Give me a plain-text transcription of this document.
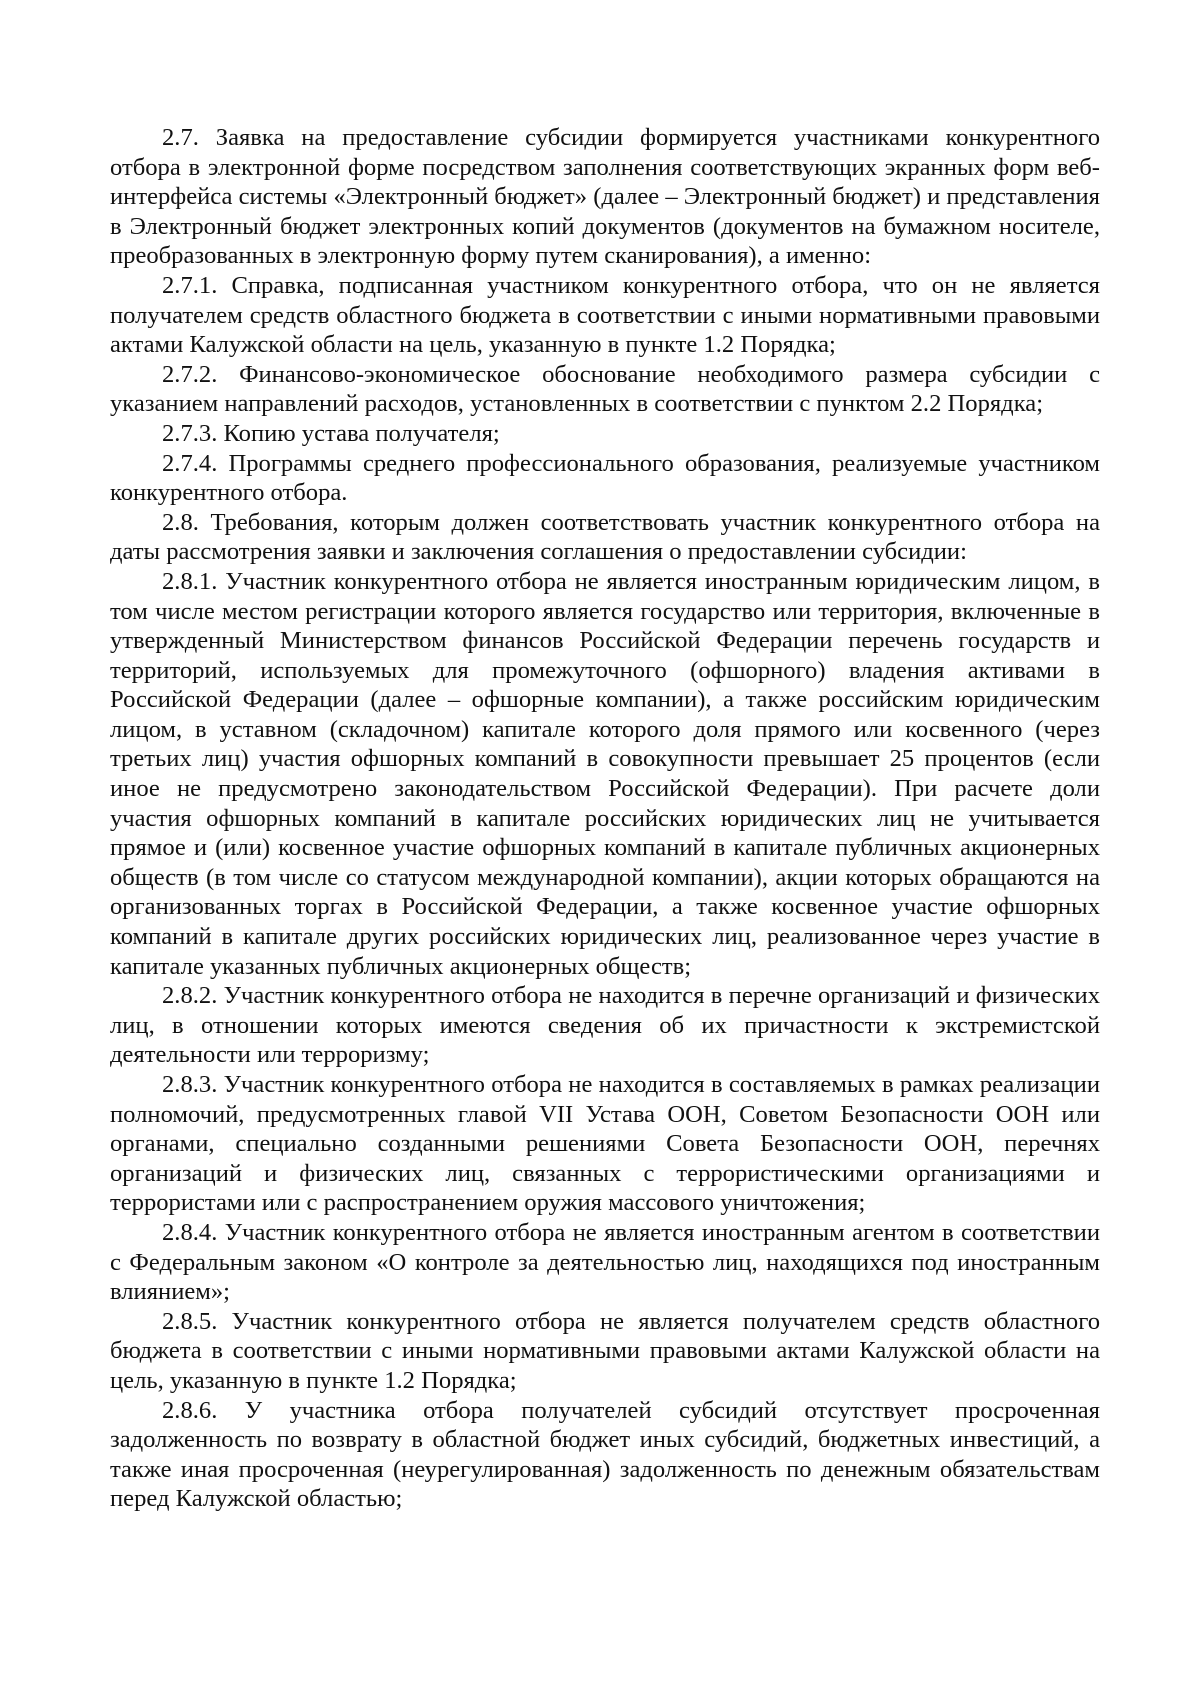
2.7. Заявка на предоставление субсидии формируется участниками конкурентного отбора в электронной форме посредством заполнения соответствующих экранных форм веб-интерфейса системы «Электронный бюджет» (далее – Электронный бюджет) и представления в Электронный бюджет электронных копий документов (документов на бумажном носителе, преобразованных в электронную форму путем сканирования), а именно:

2.7.1. Справка, подписанная участником конкурентного отбора, что он не является получателем средств областного бюджета в соответствии с иными нормативными правовыми актами Калужской области на цель, указанную в пункте 1.2 Порядка;

2.7.2. Финансово-экономическое обоснование необходимого размера субсидии с указанием направлений расходов, установленных в соответствии с пунктом 2.2 Порядка;

2.7.3. Копию устава получателя;

2.7.4. Программы среднего профессионального образования, реализуемые участником конкурентного отбора.

2.8. Требования, которым должен соответствовать участник конкурентного отбора на даты рассмотрения заявки и заключения соглашения о предоставлении субсидии:

2.8.1. Участник конкурентного отбора не является иностранным юридическим лицом, в том числе местом регистрации которого является государство или территория, включенные в утвержденный Министерством финансов Российской Федерации перечень государств и территорий, используемых для промежуточного (офшорного) владения активами в Российской Федерации (далее – офшорные компании), а также российским юридическим лицом, в уставном (складочном) капитале которого доля прямого или косвенного (через третьих лиц) участия офшорных компаний в совокупности превышает 25 процентов (если иное не предусмотрено законодательством Российской Федерации). При расчете доли участия офшорных компаний в капитале российских юридических лиц не учитывается прямое и (или) косвенное участие офшорных компаний в капитале публичных акционерных обществ (в том числе со статусом международной компании), акции которых обращаются на организованных торгах в Российской Федерации, а также косвенное участие офшорных компаний в капитале других российских юридических лиц, реализованное через участие в капитале указанных публичных акционерных обществ;

2.8.2. Участник конкурентного отбора не находится в перечне организаций и физических лиц, в отношении которых имеются сведения об их причастности к экстремистской деятельности или терроризму;

2.8.3. Участник конкурентного отбора не находится в составляемых в рамках реализации полномочий, предусмотренных главой VII Устава ООН, Советом Безопасности ООН или органами, специально созданными решениями Совета Безопасности ООН, перечнях организаций и физических лиц, связанных с террористическими организациями и террористами или с распространением оружия массового уничтожения;

2.8.4. Участник конкурентного отбора не является иностранным агентом в соответствии с Федеральным законом «О контроле за деятельностью лиц, находящихся под иностранным влиянием»;

2.8.5. Участник конкурентного отбора не является получателем средств областного бюджета в соответствии с иными нормативными правовыми актами Калужской области на цель, указанную в пункте 1.2 Порядка;

2.8.6. У участника отбора получателей субсидий отсутствует просроченная задолженность по возврату в областной бюджет иных субсидий, бюджетных инвестиций, а также иная просроченная (неурегулированная) задолженность по денежным обязательствам перед Калужской областью;
